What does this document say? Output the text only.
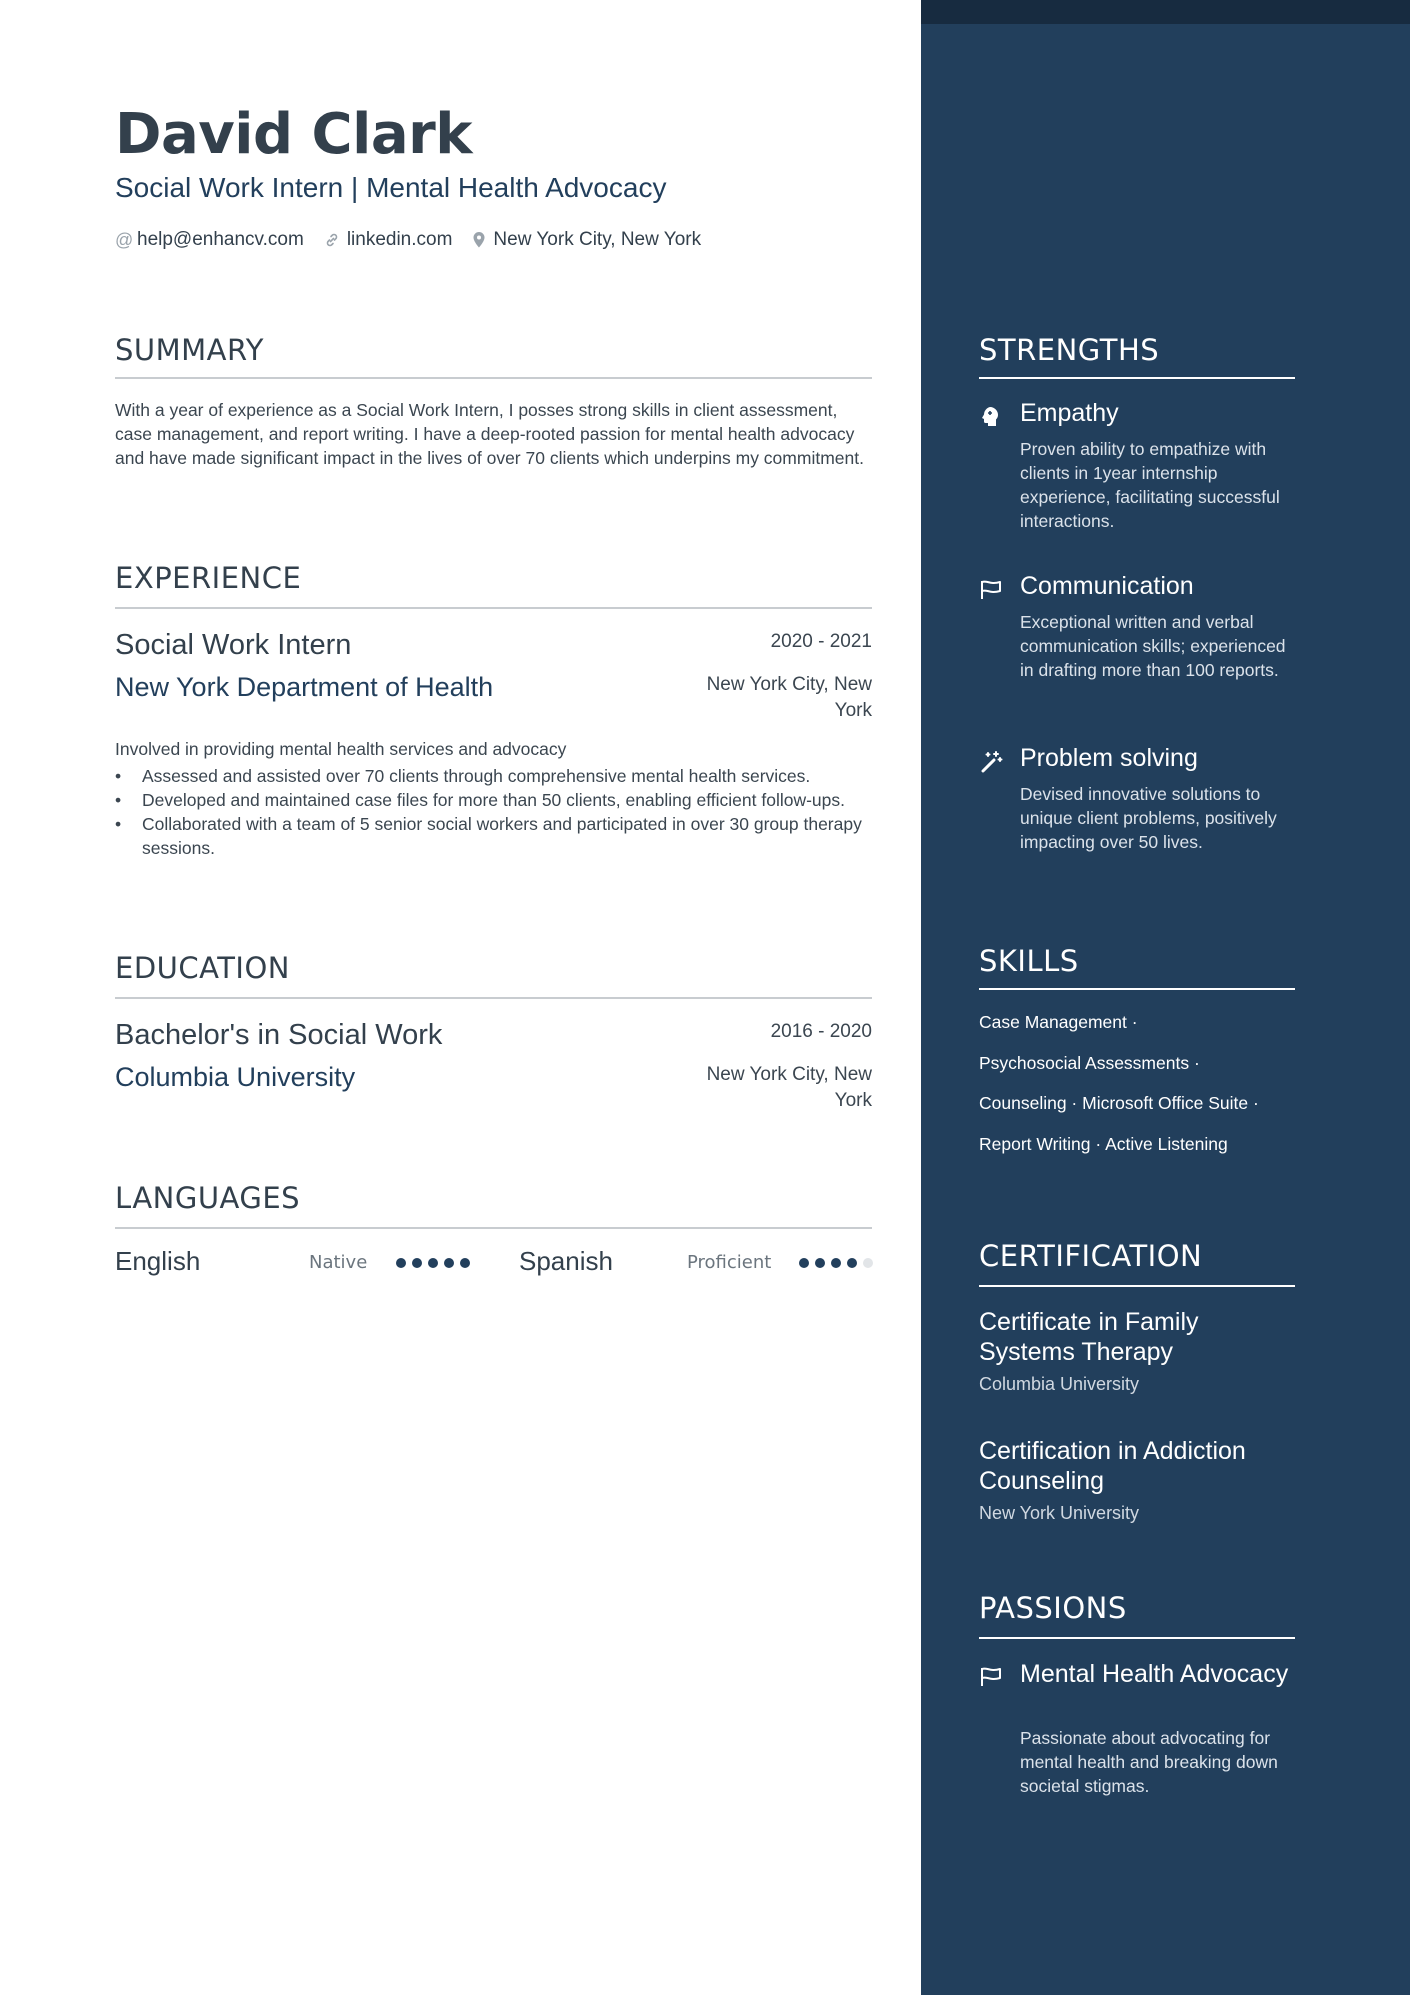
David Clark
Social Work Intern | Mental Health Advocacy
@ help@enhancv.com linkedin.com New York City, New York
SUMMARY
With a year of experience as a Social Work Intern, I posses strong skills in client assessment, case management, and report writing. I have a deep-rooted passion for mental health advocacy and have made significant impact in the lives of over 70 clients which underpins my commitment.
EXPERIENCE
Social Work Intern	2020 - 2021
New York Department of Health	New York City, New York
Involved in providing mental health services and advocacy
• Assessed and assisted over 70 clients through comprehensive mental health services.
• Developed and maintained case files for more than 50 clients, enabling efficient follow-ups.
• Collaborated with a team of 5 senior social workers and participated in over 30 group therapy sessions.
EDUCATION
Bachelor's in Social Work	2016 - 2020
Columbia University	New York City, New York
LANGUAGES
English	Native	Spanish	Proficient
STRENGTHS
Empathy
Proven ability to empathize with clients in 1year internship experience, facilitating successful interactions.
Communication
Exceptional written and verbal communication skills; experienced in drafting more than 100 reports.
Problem solving
Devised innovative solutions to unique client problems, positively impacting over 50 lives.
SKILLS
Case Management ·
Psychosocial Assessments ·
Counseling · Microsoft Office Suite ·
Report Writing · Active Listening
CERTIFICATION
Certificate in Family Systems Therapy
Columbia University
Certification in Addiction Counseling
New York University
PASSIONS
Mental Health Advocacy
Passionate about advocating for mental health and breaking down societal stigmas.
